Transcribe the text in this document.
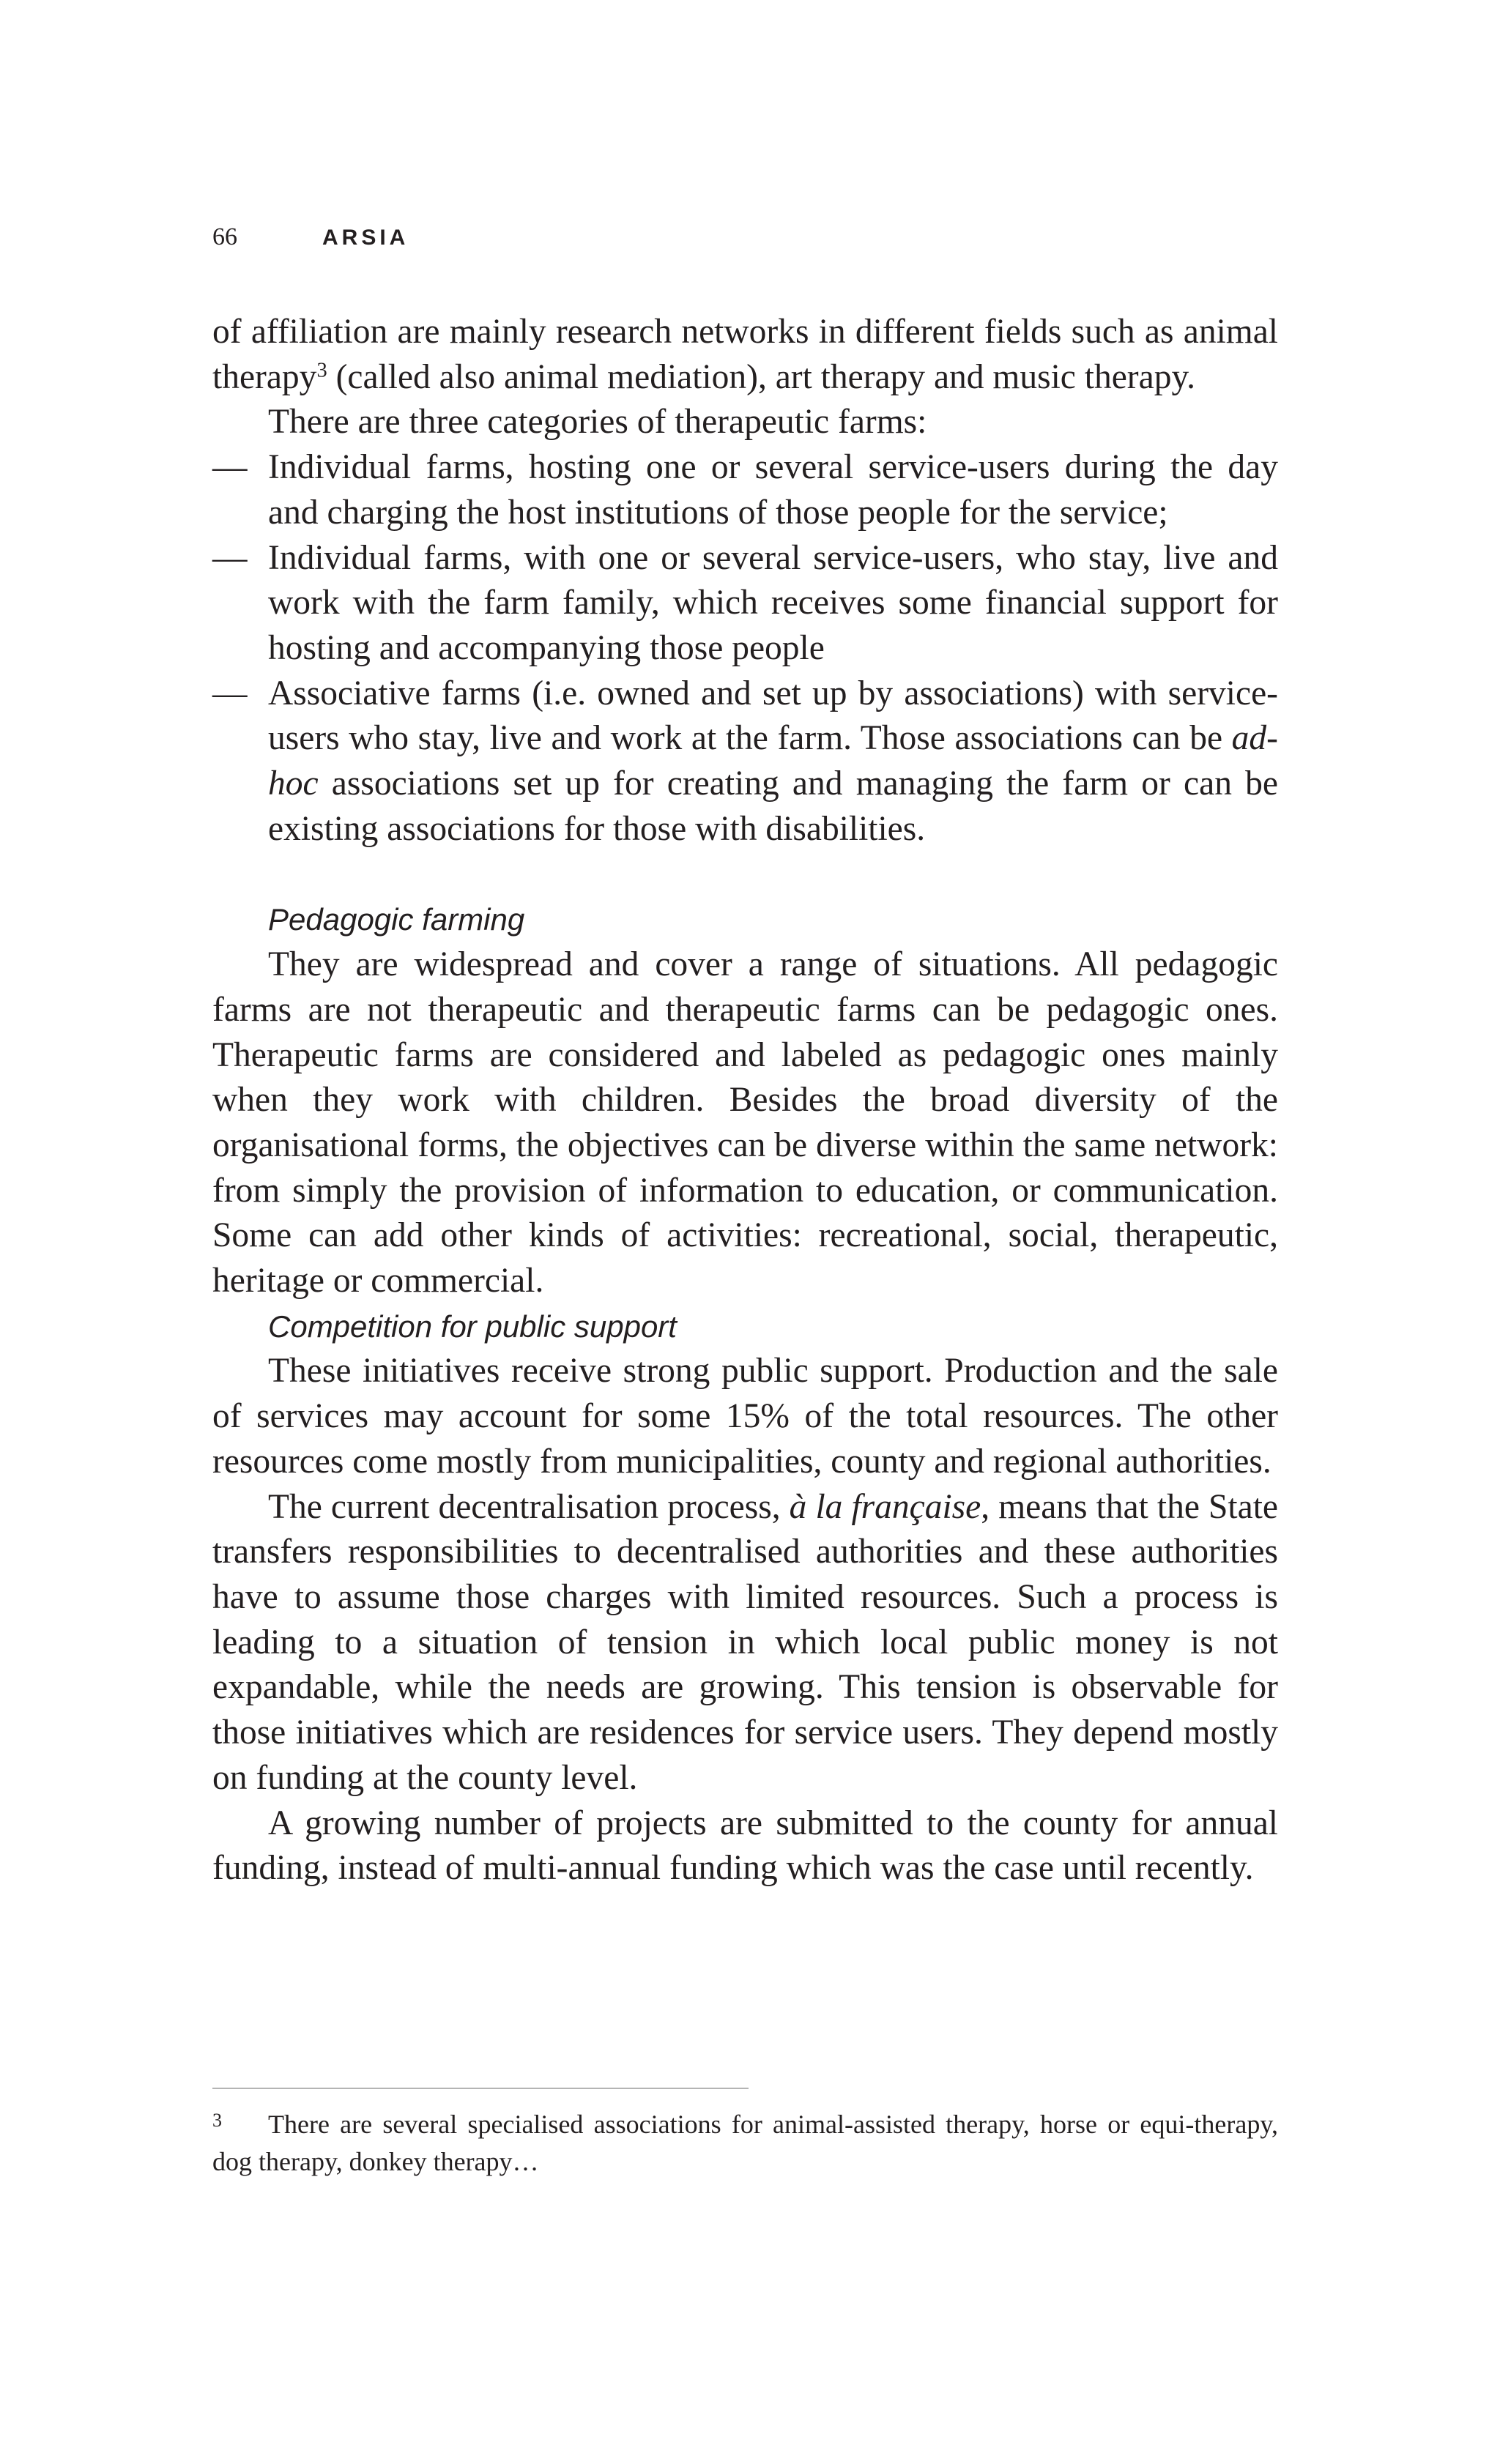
66	ARSIA

of affiliation are mainly research networks in different fields such as animal therapy$^3$ (called also animal mediation), art therapy and music therapy.

There are three categories of therapeutic farms:

— Individual farms, hosting one or several service-users during the day and charging the host institutions of those people for the service;
— Individual farms, with one or several service-users, who stay, live and work with the farm family, which receives some financial support for hosting and accompanying those people
— Associative farms (i.e. owned and set up by associations) with service-users who stay, live and work at the farm. Those associations can be ad-hoc associations set up for creating and managing the farm or can be existing associations for those with disabilities.

Pedagogic farming

They are widespread and cover a range of situations. All pedagogic farms are not therapeutic and therapeutic farms can be pedagogic ones. Therapeutic farms are considered and labeled as pedagogic ones mainly when they work with children. Besides the broad diversity of the organisational forms, the objectives can be diverse within the same network: from simply the provision of information to education, or communication. Some can add other kinds of activities: recreational, social, therapeutic, heritage or commercial.

Competition for public support

These initiatives receive strong public support. Production and the sale of services may account for some 15% of the total resources. The other resources come mostly from municipalities, county and regional authorities.

The current decentralisation process, à la française, means that the State transfers responsibilities to decentralised authorities and these authorities have to assume those charges with limited resources. Such a process is leading to a situation of tension in which local public money is not expandable, while the needs are growing. This tension is observable for those initiatives which are residences for service users. They depend mostly on funding at the county level.

A growing number of projects are submitted to the county for annual funding, instead of multi-annual funding which was the case until recently.

3 There are several specialised associations for animal-assisted therapy, horse or equi-therapy, dog therapy, donkey therapy…
